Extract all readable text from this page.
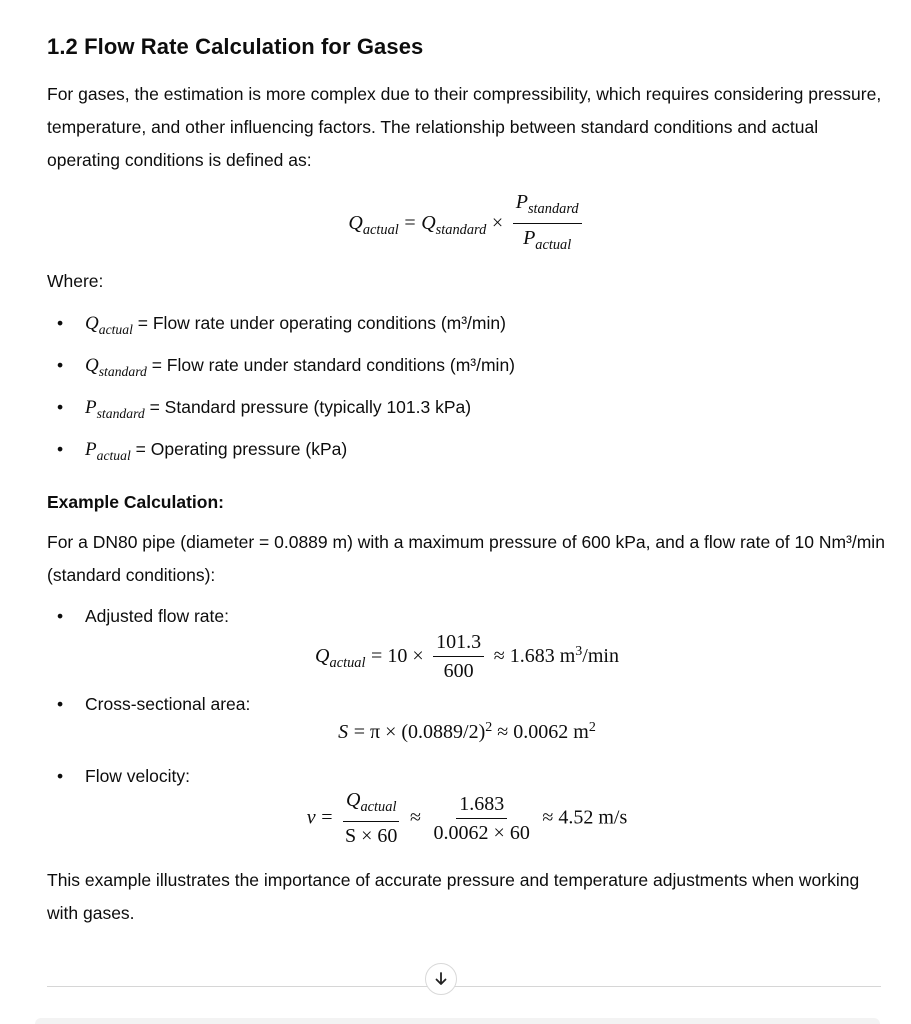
1.2 Flow Rate Calculation for Gases

For gases, the estimation is more complex due to their compressibility, which requires considering pressure, temperature, and other influencing factors. The relationship between standard conditions and actual operating conditions is defined as:

$Q_{actual} = Q_{standard} \times \frac{P_{standard}}{P_{actual}}$

Where:

• $Q_{actual}$ = Flow rate under operating conditions (m³/min)
• $Q_{standard}$ = Flow rate under standard conditions (m³/min)
• $P_{standard}$ = Standard pressure (typically 101.3 kPa)
• $P_{actual}$ = Operating pressure (kPa)

Example Calculation:

For a DN80 pipe (diameter = 0.0889 m) with a maximum pressure of 600 kPa, and a flow rate of 10 Nm³/min (standard conditions):

• Adjusted flow rate:
$Q_{actual} = 10 \times \frac{101.3}{600} \approx 1.683$ $m^3/\min$
• Cross-sectional area:
$S = \pi \times (0.0889/2)^2 \approx 0.0062$ $m^2$
• Flow velocity:
$v = \frac{Q_{actual}}{S \times 60} \approx \frac{1.683}{0.0062 \times 60} \approx 4.52$ m/s

This example illustrates the importance of accurate pressure and temperature adjustments when working with gases.
